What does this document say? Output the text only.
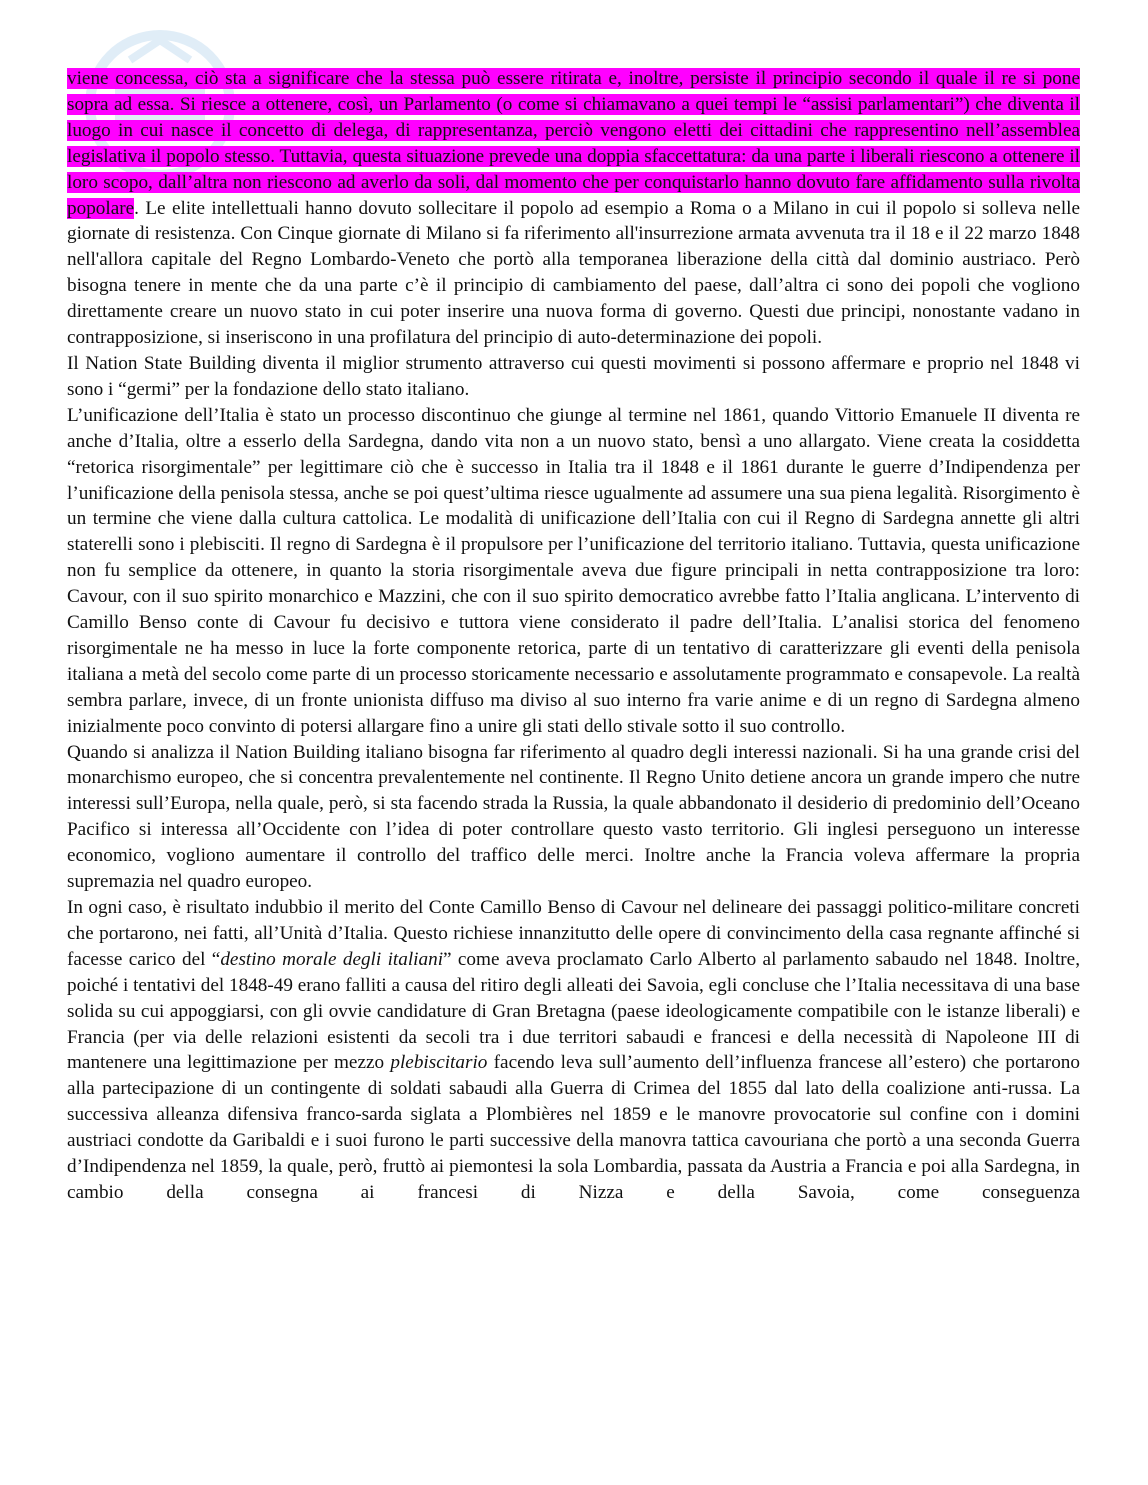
viene concessa, ciò sta a significare che la stessa può essere ritirata e, inoltre, persiste il principio secondo il quale il re si pone sopra ad essa. Si riesce a ottenere, così, un Parlamento (o come si chiamavano a quei tempi le “assisi parlamentari”) che diventa il luogo in cui nasce il concetto di delega, di rappresentanza, perciò vengono eletti dei cittadini che rappresentino nell’assemblea legislativa il popolo stesso. Tuttavia, questa situazione prevede una doppia sfaccettatura: da una parte i liberali riescono a ottenere il loro scopo, dall’altra non riescono ad averlo da soli, dal momento che per conquistarlo hanno dovuto fare affidamento sulla rivolta popolare. Le elite intellettuali hanno dovuto sollecitare il popolo ad esempio a Roma o a Milano in cui il popolo si solleva nelle giornate di resistenza. Con Cinque giornate di Milano si fa riferimento all'insurrezione armata avvenuta tra il 18 e il 22 marzo 1848 nell'allora capitale del Regno Lombardo-Veneto che portò alla temporanea liberazione della città dal dominio austriaco. Però bisogna tenere in mente che da una parte c’è il principio di cambiamento del paese, dall’altra ci sono dei popoli che vogliono direttamente creare un nuovo stato in cui poter inserire una nuova forma di governo. Questi due principi, nonostante vadano in contrapposizione, si inseriscono in una profilatura del principio di auto-determinazione dei popoli.

Il Nation State Building diventa il miglior strumento attraverso cui questi movimenti si possono affermare e proprio nel 1848 vi sono i “germi” per la fondazione dello stato italiano.

L’unificazione dell’Italia è stato un processo discontinuo che giunge al termine nel 1861, quando Vittorio Emanuele II diventa re anche d’Italia, oltre a esserlo della Sardegna, dando vita non a un nuovo stato, bensì a uno allargato. Viene creata la cosiddetta “retorica risorgimentale” per legittimare ciò che è successo in Italia tra il 1848 e il 1861 durante le guerre d’Indipendenza per l’unificazione della penisola stessa, anche se poi quest’ultima riesce ugualmente ad assumere una sua piena legalità. Risorgimento è un termine che viene dalla cultura cattolica. Le modalità di unificazione dell’Italia con cui il Regno di Sardegna annette gli altri staterelli sono i plebisciti. Il regno di Sardegna è il propulsore per l’unificazione del territorio italiano. Tuttavia, questa unificazione non fu semplice da ottenere, in quanto la storia risorgimentale aveva due figure principali in netta contrapposizione tra loro: Cavour, con il suo spirito monarchico e Mazzini, che con il suo spirito democratico avrebbe fatto l’Italia anglicana. L’intervento di Camillo Benso conte di Cavour fu decisivo e tuttora viene considerato il padre dell’Italia. L’analisi storica del fenomeno risorgimentale ne ha messo in luce la forte componente retorica, parte di un tentativo di caratterizzare gli eventi della penisola italiana a metà del secolo come parte di un processo storicamente necessario e assolutamente programmato e consapevole. La realtà sembra parlare, invece, di un fronte unionista diffuso ma diviso al suo interno fra varie anime e di un regno di Sardegna almeno inizialmente poco convinto di potersi allargare fino a unire gli stati dello stivale sotto il suo controllo.

Quando si analizza il Nation Building italiano bisogna far riferimento al quadro degli interessi nazionali. Si ha una grande crisi del monarchismo europeo, che si concentra prevalentemente nel continente. Il Regno Unito detiene ancora un grande impero che nutre interessi sull’Europa, nella quale, però, si sta facendo strada la Russia, la quale abbandonato il desiderio di predominio dell’Oceano Pacifico si interessa all’Occidente con l’idea di poter controllare questo vasto territorio. Gli inglesi perseguono un interesse economico, vogliono aumentare il controllo del traffico delle merci. Inoltre anche la Francia voleva affermare la propria supremazia nel quadro europeo.

In ogni caso, è risultato indubbio il merito del Conte Camillo Benso di Cavour nel delineare dei passaggi politico-militare concreti che portarono, nei fatti, all’Unità d’Italia. Questo richiese innanzitutto delle opere di convincimento della casa regnante affinché si facesse carico del “destino morale degli italiani” come aveva proclamato Carlo Alberto al parlamento sabaudo nel 1848. Inoltre, poiché i tentativi del 1848-49 erano falliti a causa del ritiro degli alleati dei Savoia, egli concluse che l’Italia necessitava di una base solida su cui appoggiarsi, con gli ovvie candidature di Gran Bretagna (paese ideologicamente compatibile con le istanze liberali) e Francia (per via delle relazioni esistenti da secoli tra i due territori sabaudi e francesi e della necessità di Napoleone III di mantenere una legittimazione per mezzo plebiscitario facendo leva sull’aumento dell’influenza francese all’estero) che portarono alla partecipazione di un contingente di soldati sabaudi alla Guerra di Crimea del 1855 dal lato della coalizione anti-russa. La successiva alleanza difensiva franco-sarda siglata a Plombières nel 1859 e le manovre provocatorie sul confine con i domini austriaci condotte da Garibaldi e i suoi furono le parti successive della manovra tattica cavouriana che portò a una seconda Guerra d’Indipendenza nel 1859, la quale, però, fruttò ai piemontesi la sola Lombardia, passata da Austria a Francia e poi alla Sardegna, in cambio della consegna ai francesi di Nizza e della Savoia, come conseguenza
